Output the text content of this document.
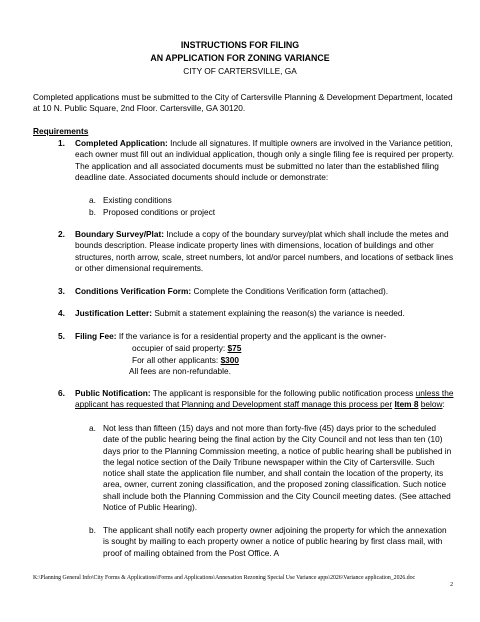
INSTRUCTIONS FOR FILING
AN APPLICATION FOR ZONING VARIANCE
CITY OF CARTERSVILLE, GA
Completed applications must be submitted to the City of Cartersville Planning & Development Department, located at 10 N. Public Square, 2nd Floor. Cartersville, GA 30120.
Requirements
1. Completed Application: Include all signatures. If multiple owners are involved in the Variance petition, each owner must fill out an individual application, though only a single filing fee is required per property. The application and all associated documents must be submitted no later than the established filing deadline date. Associated documents should include or demonstrate:
a. Existing conditions
b. Proposed conditions or project
2. Boundary Survey/Plat: Include a copy of the boundary survey/plat which shall include the metes and bounds description. Please indicate property lines with dimensions, location of buildings and other structures, north arrow, scale, street numbers, lot and/or parcel numbers, and locations of setback lines or other dimensional requirements.
3. Conditions Verification Form: Complete the Conditions Verification form (attached).
4. Justification Letter: Submit a statement explaining the reason(s) the variance is needed.
5. Filing Fee: If the variance is for a residential property and the applicant is the owner-
occupier of said property: $75
For all other applicants: $300
All fees are non-refundable.
6. Public Notification: The applicant is responsible for the following public notification process unless the applicant has requested that Planning and Development staff manage this process per Item 8 below:
a. Not less than fifteen (15) days and not more than forty-five (45) days prior to the scheduled date of the public hearing being the final action by the City Council and not less than ten (10) days prior to the Planning Commission meeting, a notice of public hearing shall be published in the legal notice section of the Daily Tribune newspaper within the City of Cartersville. Such notice shall state the application file number, and shall contain the location of the property, its area, owner, current zoning classification, and the proposed zoning classification. Such notice shall include both the Planning Commission and the City Council meeting dates. (See attached Notice of Public Hearing).
b. The applicant shall notify each property owner adjoining the property for which the annexation is sought by mailing to each property owner a notice of public hearing by first class mail, with proof of mailing obtained from the Post Office. A
K:\Planning General Info\City Forms & Applications\Forms and Applications\Annexation Rezoning Special Use Variance apps\2026\Variance application_2026.doc
2
